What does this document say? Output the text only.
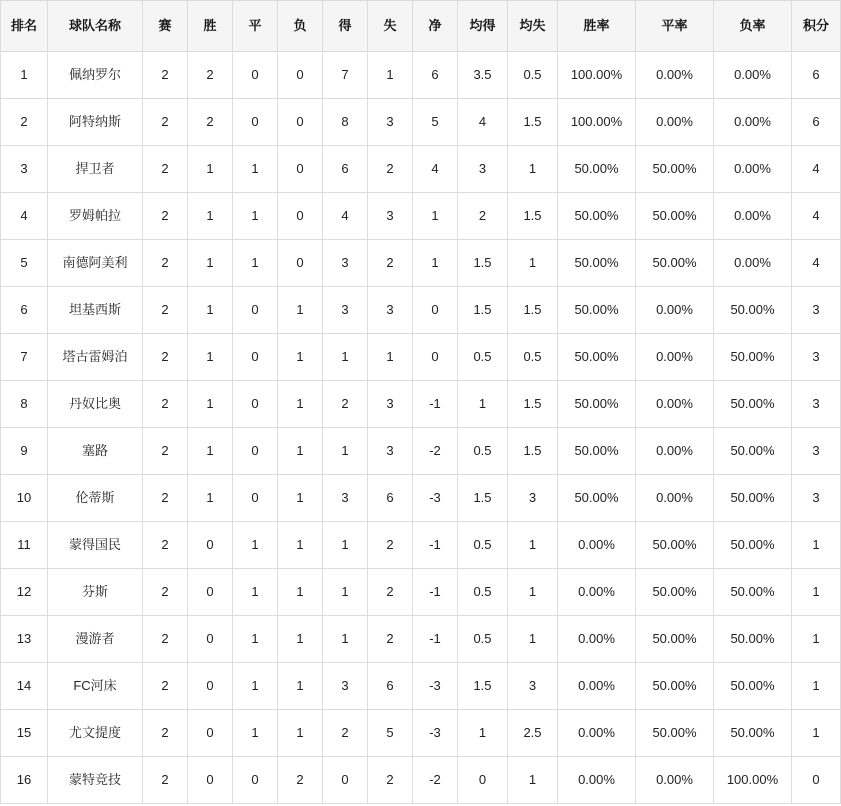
排名	球队名称	赛	胜	平	负	得	失	净	均得	均失	胜率	平率	负率	积分
1	佩纳罗尔	2	2	0	0	7	1	6	3.5	0.5	100.00%	0.00%	0.00%	6
2	阿特纳斯	2	2	0	0	8	3	5	4	1.5	100.00%	0.00%	0.00%	6
3	捍卫者	2	1	1	0	6	2	4	3	1	50.00%	50.00%	0.00%	4
4	罗姆帕拉	2	1	1	0	4	3	1	2	1.5	50.00%	50.00%	0.00%	4
5	南德阿美利	2	1	1	0	3	2	1	1.5	1	50.00%	50.00%	0.00%	4
6	坦基西斯	2	1	0	1	3	3	0	1.5	1.5	50.00%	0.00%	50.00%	3
7	塔古雷姆泊	2	1	0	1	1	1	0	0.5	0.5	50.00%	0.00%	50.00%	3
8	丹奴比奥	2	1	0	1	2	3	-1	1	1.5	50.00%	0.00%	50.00%	3
9	塞路	2	1	0	1	1	3	-2	0.5	1.5	50.00%	0.00%	50.00%	3
10	伦蒂斯	2	1	0	1	3	6	-3	1.5	3	50.00%	0.00%	50.00%	3
11	蒙得国民	2	0	1	1	1	2	-1	0.5	1	0.00%	50.00%	50.00%	1
12	芬斯	2	0	1	1	1	2	-1	0.5	1	0.00%	50.00%	50.00%	1
13	漫游者	2	0	1	1	1	2	-1	0.5	1	0.00%	50.00%	50.00%	1
14	FC河床	2	0	1	1	3	6	-3	1.5	3	0.00%	50.00%	50.00%	1
15	尤文提度	2	0	1	1	2	5	-3	1	2.5	0.00%	50.00%	50.00%	1
16	蒙特竞技	2	0	0	2	0	2	-2	0	1	0.00%	0.00%	100.00%	0
